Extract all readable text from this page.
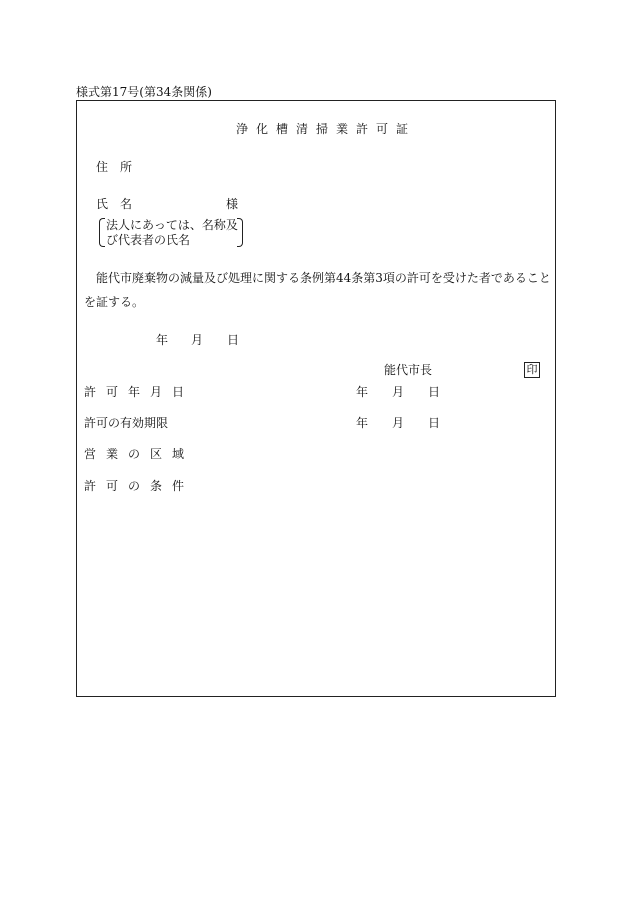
様式第17号(第34条関係)
浄化槽清掃業許可証
住　所
氏　名	様
法人にあっては、名称及
び代表者の氏名
能代市廃棄物の減量及び処理に関する条例第44条第3項の許可を受けた者であること
を証する。
年 月 日
能代市長	印
許可年月日	年 月 日
許可の有効期限	年 月 日
営業の区域
許可の条件
